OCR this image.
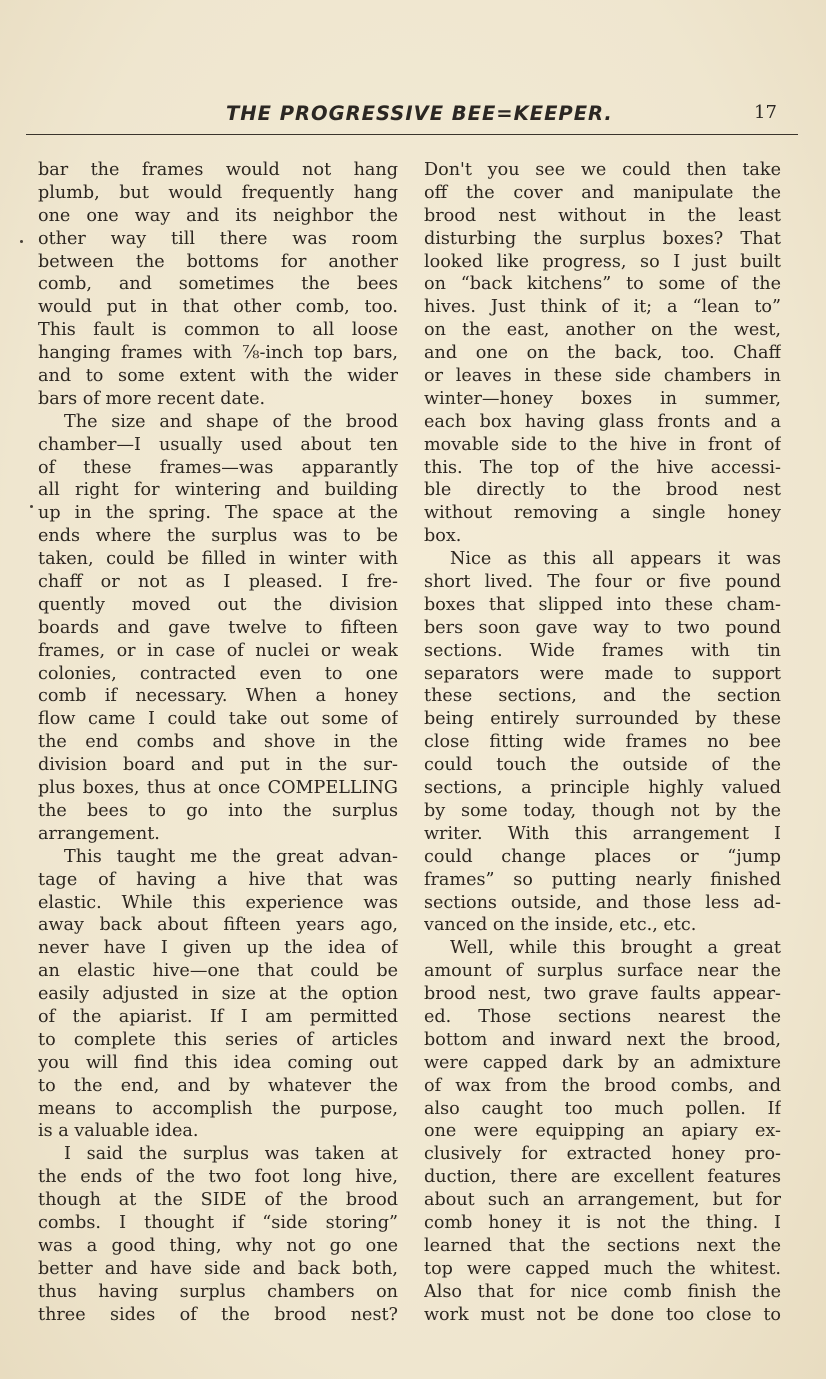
THE PROGRESSIVE BEE=KEEPER.	17
bar the frames would not hang
plumb, but would frequently hang
one one way and its neighbor the
other way till there was room
between the bottoms for another
comb, and sometimes the bees
would put in that other comb, too.
This fault is common to all loose
hanging frames with ⅞-inch top bars,
and to some extent with the wider
bars of more recent date.
The size and shape of the brood
chamber—I usually used about ten
of these frames—was apparantly
all right for wintering and building
up in the spring. The space at the
ends where the surplus was to be
taken, could be filled in winter with
chaff or not as I pleased. I fre-
quently moved out the division
boards and gave twelve to fifteen
frames, or in case of nuclei or weak
colonies, contracted even to one
comb if necessary. When a honey
flow came I could take out some of
the end combs and shove in the
division board and put in the sur-
plus boxes, thus at once COMPELLING
the bees to go into the surplus
arrangement.
This taught me the great advan-
tage of having a hive that was
elastic. While this experience was
away back about fifteen years ago,
never have I given up the idea of
an elastic hive—one that could be
easily adjusted in size at the option
of the apiarist. If I am permitted
to complete this series of articles
you will find this idea coming out
to the end, and by whatever the
means to accomplish the purpose,
is a valuable idea.
I said the surplus was taken at
the ends of the two foot long hive,
though at the SIDE of the brood
combs. I thought if “side storing”
was a good thing, why not go one
better and have side and back both,
thus having surplus chambers on
three sides of the brood nest?
Don't you see we could then take
off the cover and manipulate the
brood nest without in the least
disturbing the surplus boxes? That
looked like progress, so I just built
on “back kitchens” to some of the
hives. Just think of it; a “lean to”
on the east, another on the west,
and one on the back, too. Chaff
or leaves in these side chambers in
winter—honey boxes in summer,
each box having glass fronts and a
movable side to the hive in front of
this. The top of the hive accessi-
ble directly to the brood nest
without removing a single honey
box.
Nice as this all appears it was
short lived. The four or five pound
boxes that slipped into these cham-
bers soon gave way to two pound
sections. Wide frames with tin
separators were made to support
these sections, and the section
being entirely surrounded by these
close fitting wide frames no bee
could touch the outside of the
sections, a principle highly valued
by some today, though not by the
writer. With this arrangement I
could change places or “jump
frames” so putting nearly finished
sections outside, and those less ad-
vanced on the inside, etc., etc.
Well, while this brought a great
amount of surplus surface near the
brood nest, two grave faults appear-
ed. Those sections nearest the
bottom and inward next the brood,
were capped dark by an admixture
of wax from the brood combs, and
also caught too much pollen. If
one were equipping an apiary ex-
clusively for extracted honey pro-
duction, there are excellent features
about such an arrangement, but for
comb honey it is not the thing. I
learned that the sections next the
top were capped much the whitest.
Also that for nice comb finish the
work must not be done too close to
